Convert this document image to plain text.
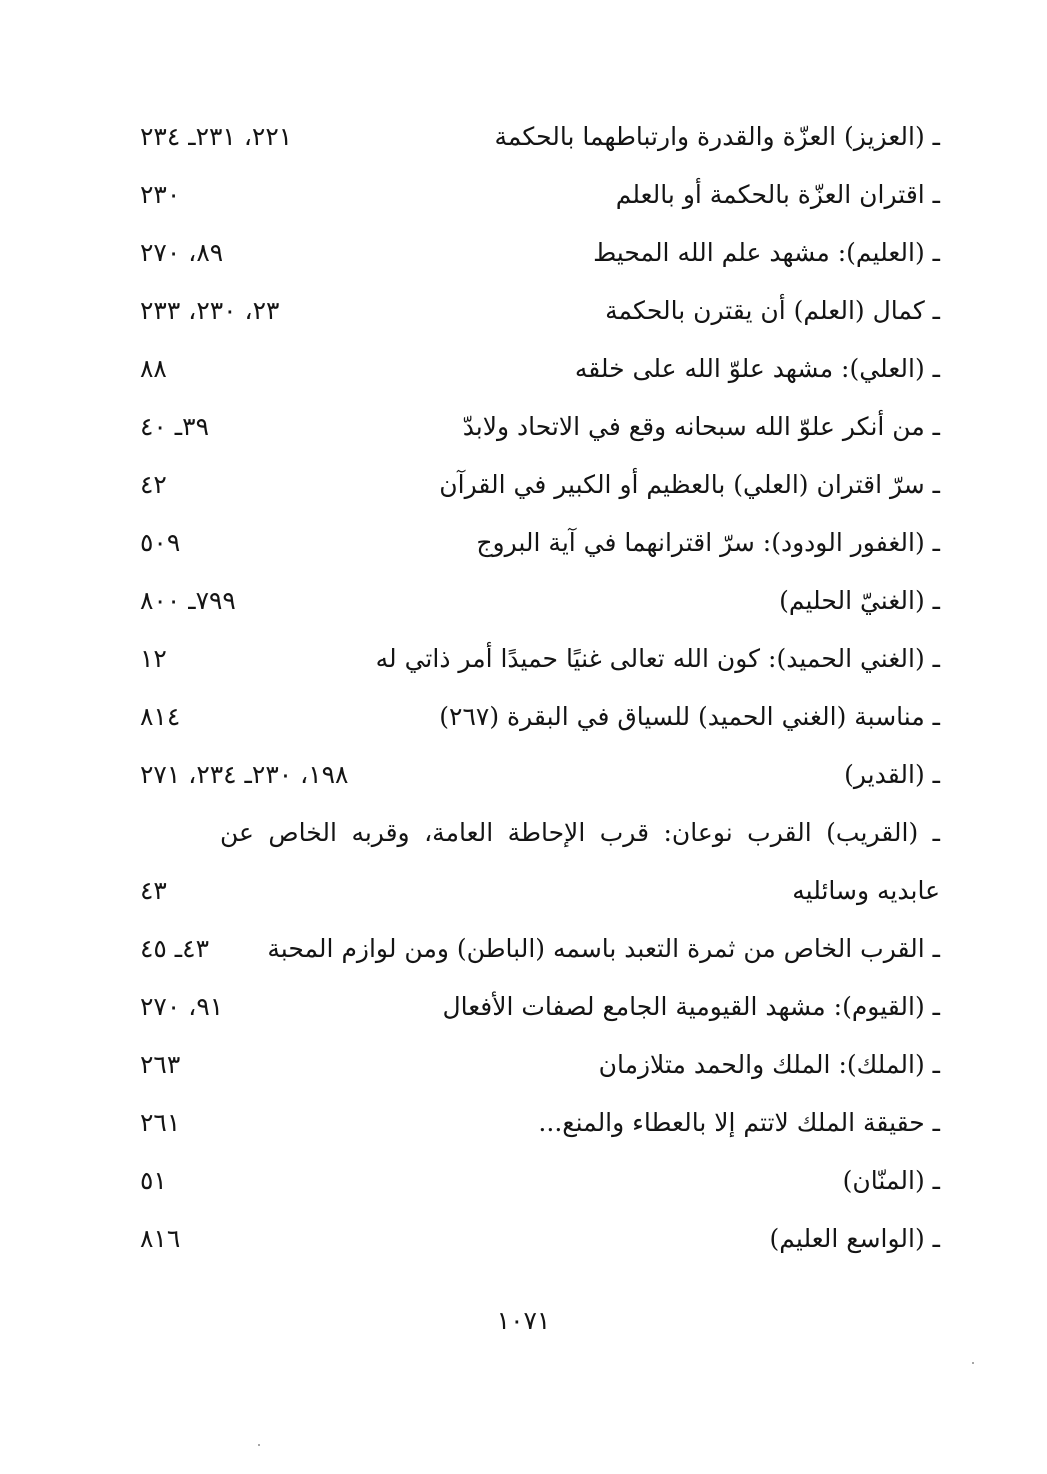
ـ (العزيز) العزّة والقدرة وارتباطهما بالحكمة
٢٢١، ٢٣١ـ ٢٣٤
ـ اقتران العزّة بالحكمة أو بالعلم
٢٣٠
ـ (العليم): مشهد علم الله المحيط
٨٩، ٢٧٠
ـ كمال (العلم) أن يقترن بالحكمة
٢٣، ٢٣٠، ٢٣٣
ـ (العلي): مشهد علوّ الله على خلقه
٨٨
ـ من أنكر علوّ الله سبحانه وقع في الاتحاد ولابدّ
٣٩ـ ٤٠
ـ سرّ اقتران (العلي) بالعظيم أو الكبير في القرآن
٤٢
ـ (الغفور الودود): سرّ اقترانهما في آية البروج
٥٠٩
ـ (الغنيّ الحليم)
٧٩٩ـ ٨٠٠
ـ (الغني الحميد): كون الله تعالى غنيًا حميدًا أمر ذاتي له
١٢
ـ مناسبة (الغني الحميد) للسياق في البقرة (٢٦٧)
٨١٤
ـ (القدير)
١٩٨، ٢٣٠ـ ٢٣٤، ٢٧١
ـ (القريب) القرب نوعان: قرب الإحاطة العامة، وقربه الخاص عن عابديه وسائليه
٤٣
ـ القرب الخاص من ثمرة التعبد باسمه (الباطن) ومن لوازم المحبة
٤٣ـ ٤٥
ـ (القيوم): مشهد القيومية الجامع لصفات الأفعال
٩١، ٢٧٠
ـ (الملك): الملك والحمد متلازمان
٢٦٣
ـ حقيقة الملك لاتتم إلا بالعطاء والمنع...
٢٦١
ـ (المنّان)
٥١
ـ (الواسع العليم)
٨١٦
١٠٧١
